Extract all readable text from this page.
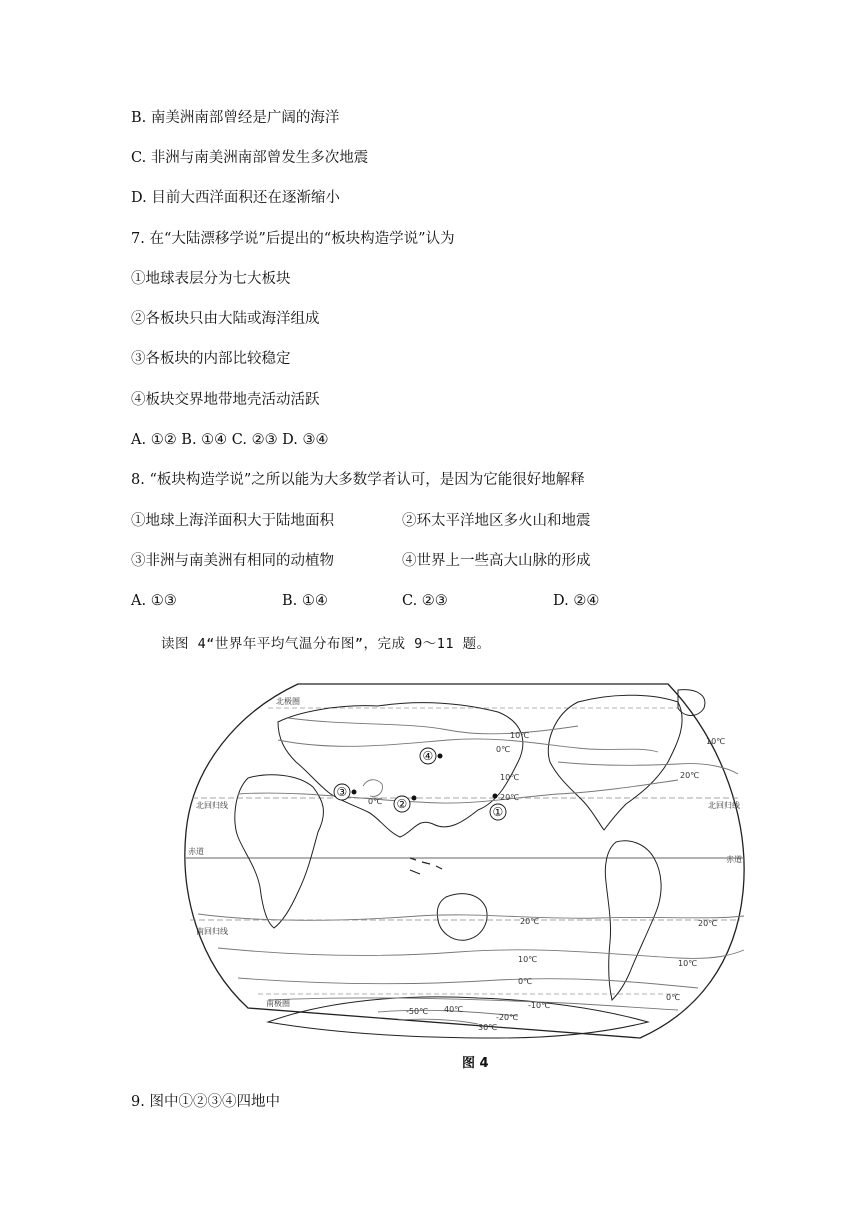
B. 南美洲南部曾经是广阔的海洋
C. 非洲与南美洲南部曾发生多次地震
D. 目前大西洋面积还在逐渐缩小
7. 在“大陆漂移学说”后提出的“板块构造学说”认为
①地球表层分为七大板块
②各板块只由大陆或海洋组成
③各板块的内部比较稳定
④板块交界地带地壳活动活跃
A. ①② B. ①④ C. ②③ D. ③④
8. “板块构造学说”之所以能为大多数学者认可，是因为它能很好地解释
①地球上海洋面积大于陆地面积	②环太平洋地区多火山和地震
③非洲与南美洲有相同的动植物	④世界上一些高大山脉的形成
A. ①③	B. ①④	C. ②③	D. ②④
读图 4“世界年平均气温分布图”，完成 9～11 题。
北极圈
北回归线	北回归线
赤道
赤道
南回归线
南极圈
10℃
0℃
0℃	20℃
10℃	20℃
10℃
20℃	20℃
10℃	10℃
0℃
0℃
-10℃
-20℃
30℃
-50℃ 40℃
①
②
③
④
图 4
9. 图中①②③④四地中
